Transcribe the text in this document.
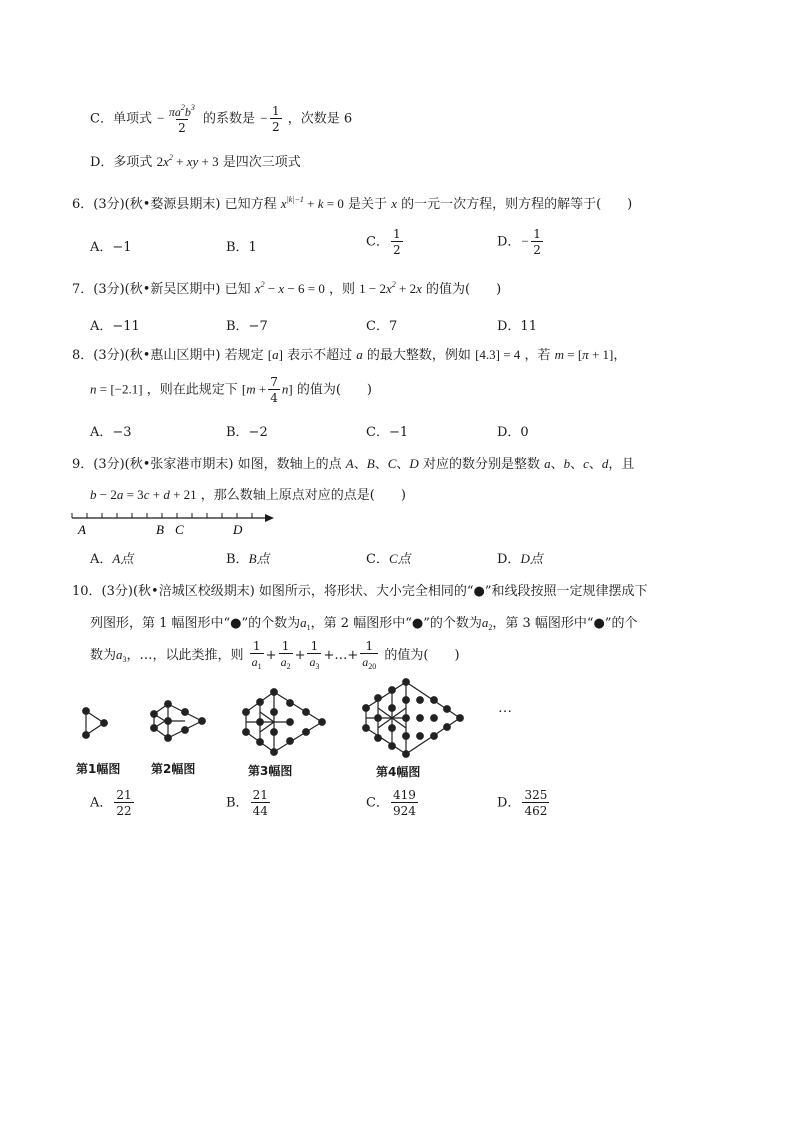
C．单项式 − $\frac{\pi a^2b^3}{2}$ 的系数是 − $\frac{1}{2}$ ，次数是 6
D．多项式 $2x^2$ + xy + 3 是四次三项式
6．(3分)(秋•婺源县期末) 已知方程 $x^{|k|-1} + k = 0$ 是关于 x 的一元一次方程，则方程的解等于(　　)
A．−1	B．1	C． $\frac{1}{2}$	D．− $\frac{1}{2}$
7．(3分)(秋•新吴区期中) 已知 $x^2 - x - 6 = 0$ ，则 $1 - 2x^2 + 2x$ 的值为(　　)
A．−11	B．−7	C．7	D．11
8．(3分)(秋•惠山区期中) 若规定 [a] 表示不超过 a 的最大整数，例如 [4.3] = 4 ，若 m = [π + 1]，
n = [−2.1] ，则在此规定下 $[m + \frac{7}{4} n]$ 的值为(　　)
A．−3	B．−2	C．−1	D．0
9．(3分)(秋•张家港市期末) 如图，数轴上的点 A、B、C、D 对应的数分别是整数 a、b、c、d，且
b − 2a = 3c + d + 21 ，那么数轴上原点对应的点是(　　)
A	B C	D
A．A点	B．B点	C．C点	D．D点
10．(3分)(秋•涪城区校级期末) 如图所示，将形状、大小完全相同的“●”和线段按照一定规律摆成下
列图形，第 1 幅图形中“●”的个数为$a_1$，第 2 幅图形中“●”的个数为$a_2$，第 3 幅图形中“●”的个
数为$a_3$，…，以此类推，则 $\frac{1}{a_1} + \frac{1}{a_2} + \frac{1}{a_3}$ +…+ $\frac{1}{a_{20}}$ 的值为(　　)
…
第1幅图	第2幅图	第3幅图	第4幅图
A． $\frac{21}{22}$	B． $\frac{21}{44}$	C． $\frac{419}{924}$	D． $\frac{325}{462}$
